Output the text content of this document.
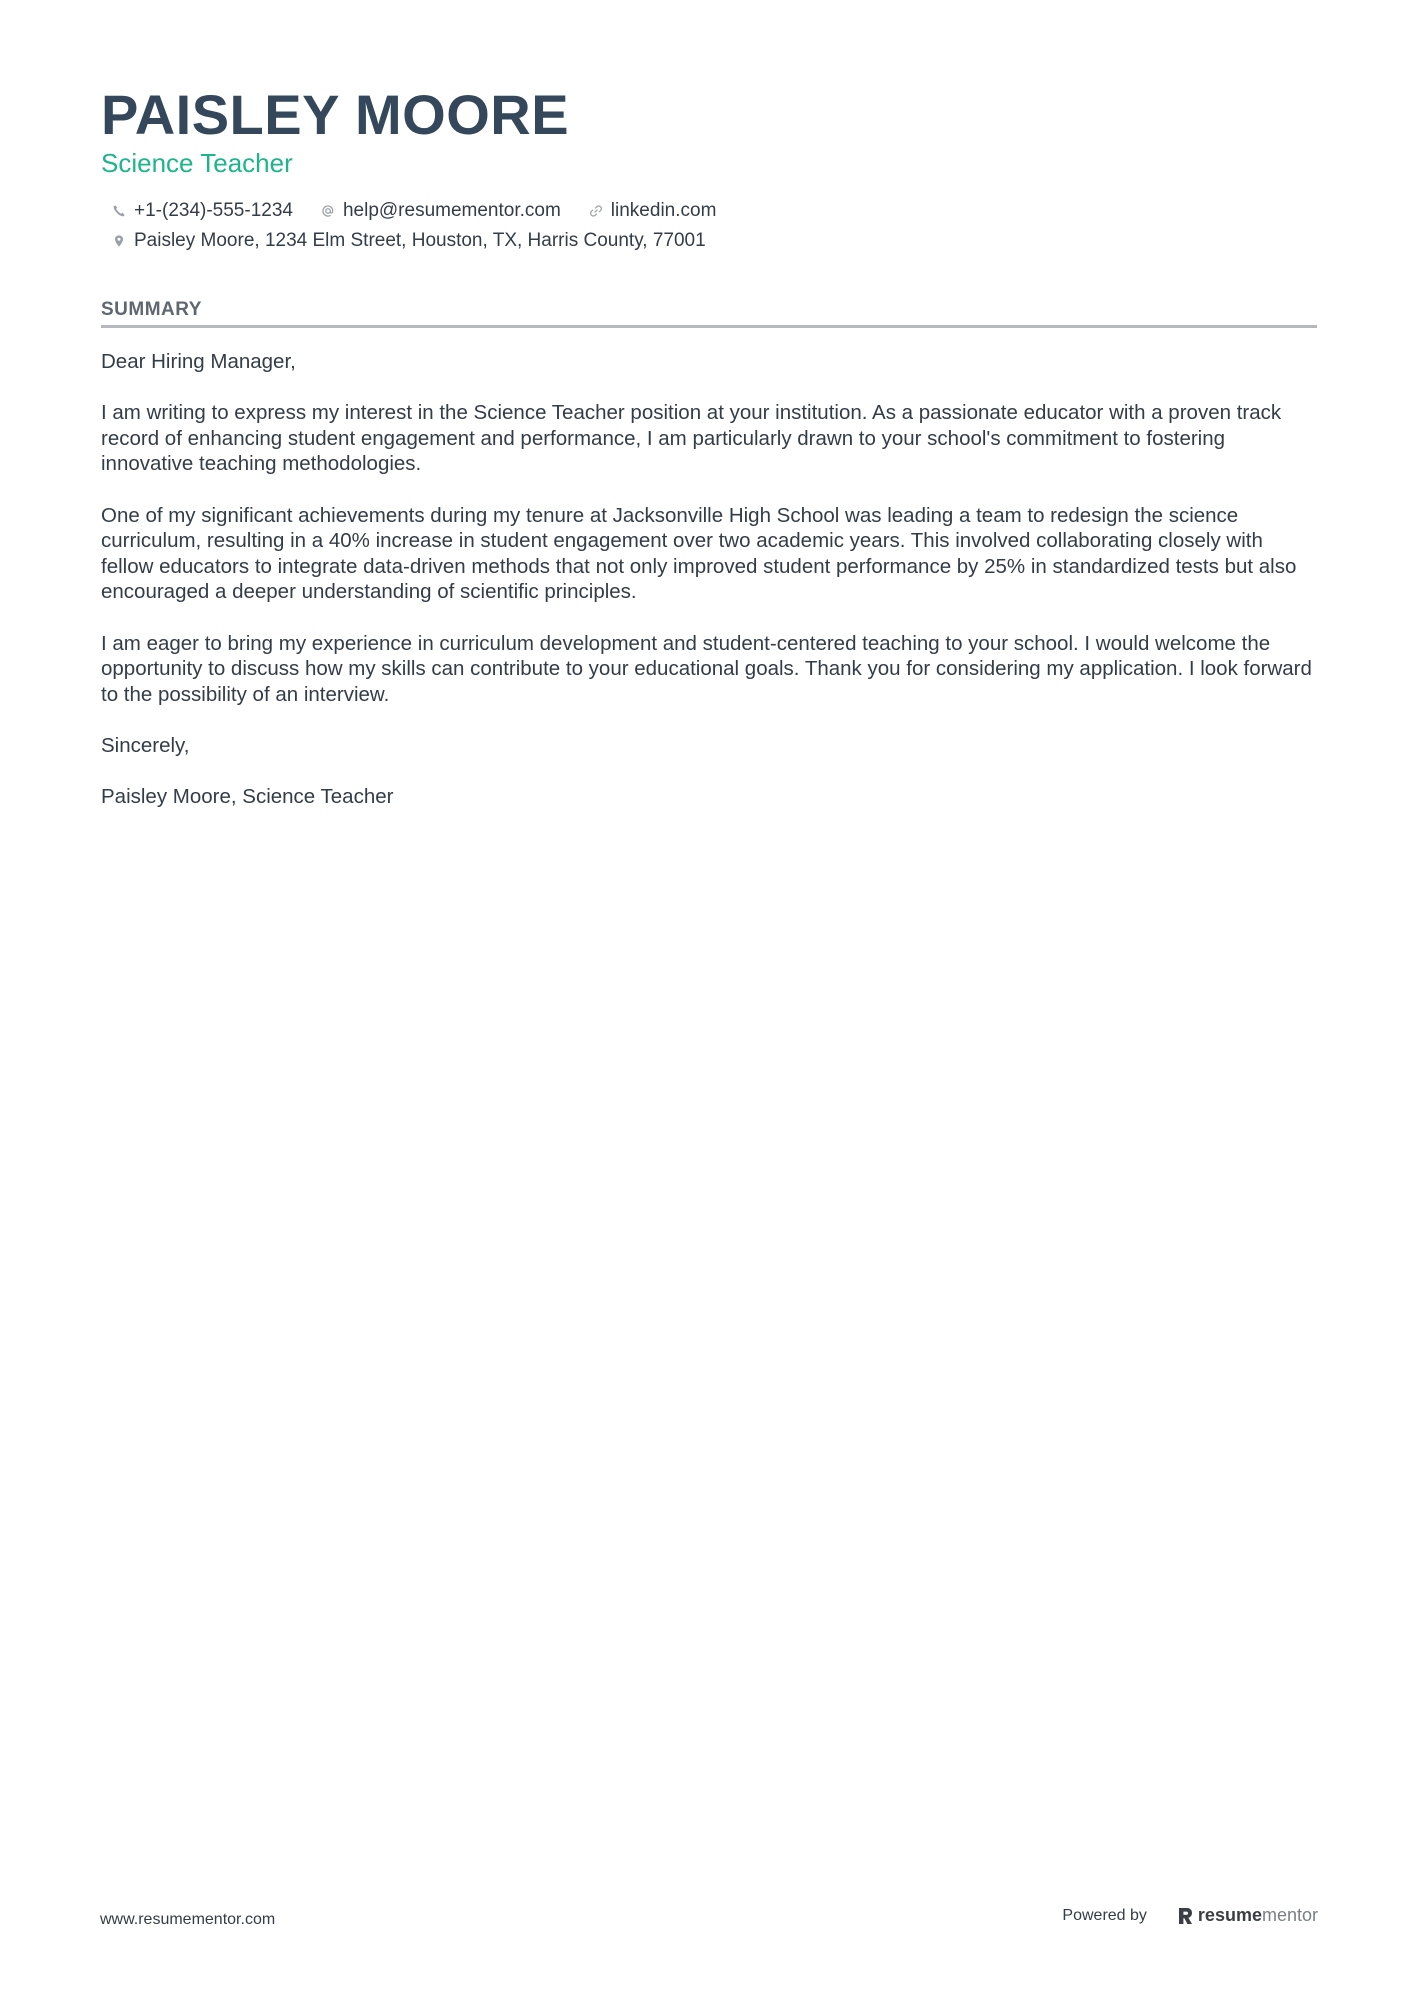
PAISLEY MOORE
Science Teacher
+1-(234)-555-1234	help@resumementor.com	linkedin.com
Paisley Moore, 1234 Elm Street, Houston, TX, Harris County, 77001
SUMMARY

Dear Hiring Manager,

I am writing to express my interest in the Science Teacher position at your institution. As a passionate educator with a proven track record of enhancing student engagement and performance, I am particularly drawn to your school's commitment to fostering innovative teaching methodologies.

One of my significant achievements during my tenure at Jacksonville High School was leading a team to redesign the science curriculum, resulting in a 40% increase in student engagement over two academic years. This involved collaborating closely with fellow educators to integrate data-driven methods that not only improved student performance by 25% in standardized tests but also encouraged a deeper understanding of scientific principles.

I am eager to bring my experience in curriculum development and student-centered teaching to your school. I would welcome the opportunity to discuss how my skills can contribute to your educational goals. Thank you for considering my application. I look forward to the possibility of an interview.

Sincerely,

Paisley Moore, Science Teacher

www.resumementor.com	Powered by	resumementor
